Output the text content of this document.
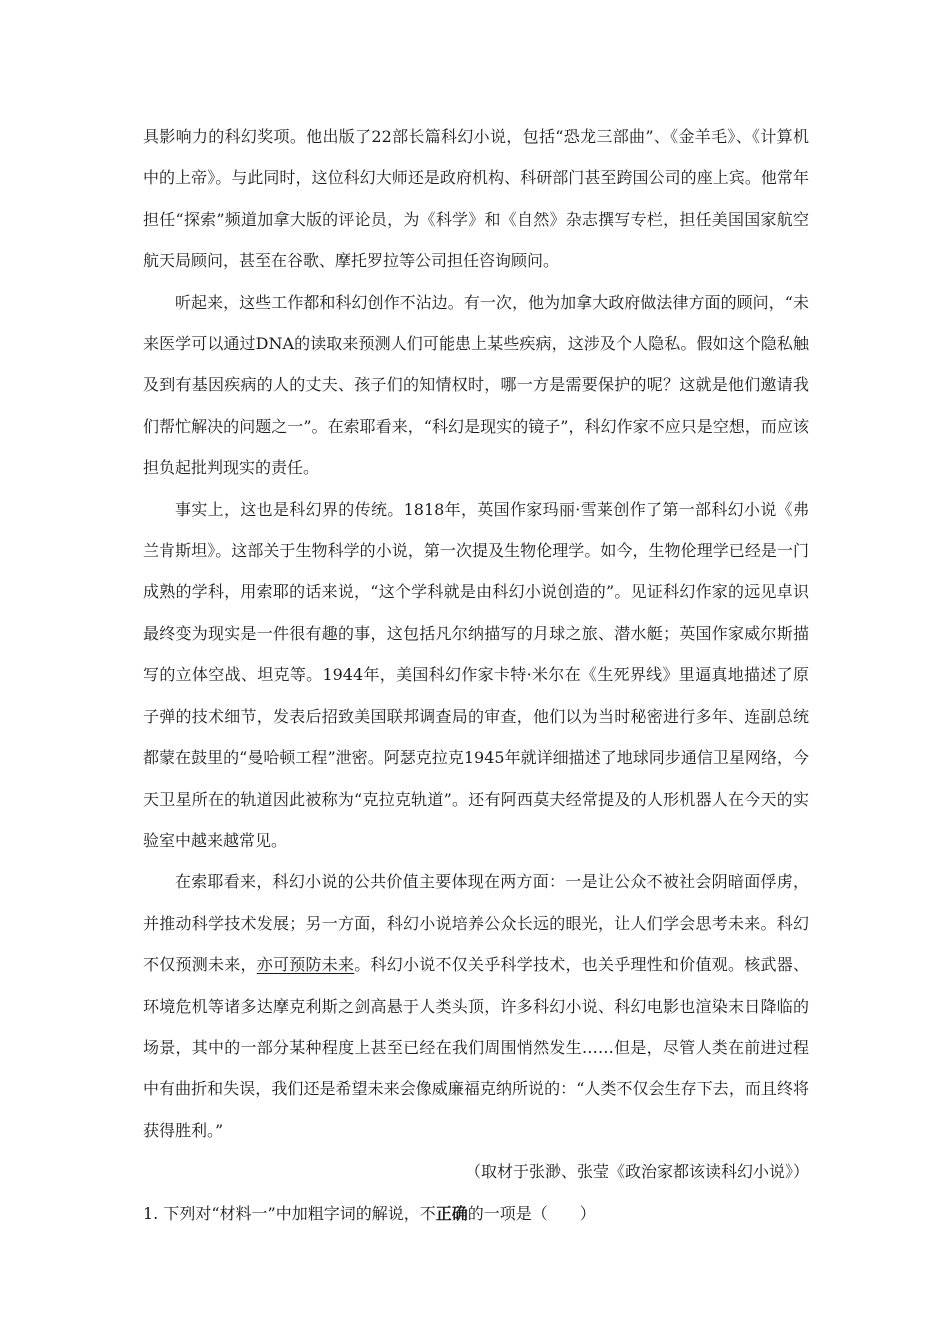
具影响力的科幻奖项。他出版了22部长篇科幻小说，包括“恐龙三部曲”、《金羊毛》、《计算机中的上帝》。与此同时，这位科幻大师还是政府机构、科研部门甚至跨国公司的座上宾。他常年担任“探索”频道加拿大版的评论员，为《科学》和《自然》杂志撰写专栏，担任美国国家航空航天局顾问，甚至在谷歌、摩托罗拉等公司担任咨询顾问。

听起来，这些工作都和科幻创作不沾边。有一次，他为加拿大政府做法律方面的顾问，“未来医学可以通过DNA的读取来预测人们可能患上某些疾病，这涉及个人隐私。假如这个隐私触及到有基因疾病的人的丈夫、孩子们的知情权时，哪一方是需要保护的呢？这就是他们邀请我们帮忙解决的问题之一”。在索耶看来，“科幻是现实的镜子”，科幻作家不应只是空想，而应该担负起批判现实的责任。

事实上，这也是科幻界的传统。1818年，英国作家玛丽·雪莱创作了第一部科幻小说《弗兰肯斯坦》。这部关于生物科学的小说，第一次提及生物伦理学。如今，生物伦理学已经是一门成熟的学科，用索耶的话来说，“这个学科就是由科幻小说创造的”。见证科幻作家的远见卓识最终变为现实是一件很有趣的事，这包括凡尔纳描写的月球之旅、潜水艇；英国作家威尔斯描写的立体空战、坦克等。1944年，美国科幻作家卡特·米尔在《生死界线》里逼真地描述了原子弹的技术细节，发表后招致美国联邦调查局的审查，他们以为当时秘密进行多年、连副总统都蒙在鼓里的“曼哈顿工程”泄密。阿瑟克拉克1945年就详细描述了地球同步通信卫星网络，今天卫星所在的轨道因此被称为“克拉克轨道”。还有阿西莫夫经常提及的人形机器人在今天的实验室中越来越常见。

在索耶看来，科幻小说的公共价值主要体现在两方面：一是让公众不被社会阴暗面俘虏，并推动科学技术发展；另一方面，科幻小说培养公众长远的眼光，让人们学会思考未来。科幻不仅预测未来，亦可预防未来。科幻小说不仅关乎科学技术，也关乎理性和价值观。核武器、环境危机等诸多达摩克利斯之剑高悬于人类头顶，许多科幻小说、科幻电影也渲染末日降临的场景，其中的一部分某种程度上甚至已经在我们周围悄然发生……但是，尽管人类在前进过程中有曲折和失误，我们还是希望未来会像威廉福克纳所说的：“人类不仅会生存下去，而且终将获得胜利。”

（取材于张渺、张莹《政治家都该读科幻小说》）

1. 下列对“材料一”中加粗字词的解说，不正确的一项是（　　）
